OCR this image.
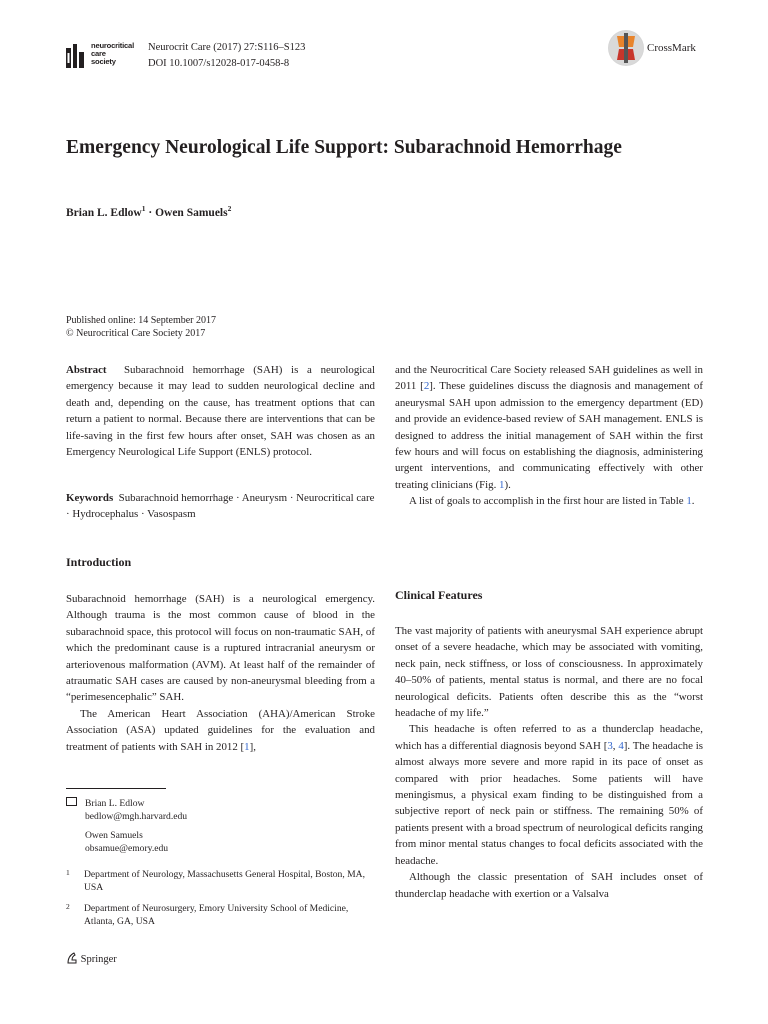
neurocritical
care
society
Neurocrit Care (2017) 27:S116–S123
DOI 10.1007/s12028-017-0458-8
CrossMark
Emergency Neurological Life Support: Subarachnoid Hemorrhage
Brian L. Edlow$^1$ · Owen Samuels$^2$
Published online: 14 September 2017
© Neurocritical Care Society 2017

Abstract Subarachnoid hemorrhage (SAH) is a neurological emergency because it may lead to sudden neurological decline and death and, depending on the cause, has treatment options that can return a patient to normal. Because there are interventions that can be life-saving in the first few hours after onset, SAH was chosen as an Emergency Neurological Life Support (ENLS) protocol.

Keywords Subarachnoid hemorrhage · Aneurysm · Neurocritical care · Hydrocephalus · Vasospasm

Introduction

Subarachnoid hemorrhage (SAH) is a neurological emergency. Although trauma is the most common cause of blood in the subarachnoid space, this protocol will focus on non-traumatic SAH, of which the predominant cause is a ruptured intracranial aneurysm or arteriovenous malformation (AVM). At least half of the remainder of atraumatic SAH cases are caused by non-aneurysmal bleeding from a “perimesencephalic” SAH.

The American Heart Association (AHA)/American Stroke Association (ASA) updated guidelines for the evaluation and treatment of patients with SAH in 2012 [1],

Brian L. Edlow
bedlow@mgh.harvard.edu
Owen Samuels
obsamue@emory.edu
1 Department of Neurology, Massachusetts General Hospital, Boston, MA, USA
2 Department of Neurosurgery, Emory University School of Medicine, Atlanta, GA, USA
Springer

and the Neurocritical Care Society released SAH guidelines as well in 2011 [2]. These guidelines discuss the diagnosis and management of aneurysmal SAH upon admission to the emergency department (ED) and provide an evidence-based review of SAH management. ENLS is designed to address the initial management of SAH within the first few hours and will focus on establishing the diagnosis, administering urgent interventions, and communicating effectively with other treating clinicians (Fig. 1).

A list of goals to accomplish in the first hour are listed in Table 1.

Clinical Features

The vast majority of patients with aneurysmal SAH experience abrupt onset of a severe headache, which may be associated with vomiting, neck pain, neck stiffness, or loss of consciousness. In approximately 40–50% of patients, mental status is normal, and there are no focal neurological deficits. Patients often describe this as the “worst headache of my life.”

This headache is often referred to as a thunderclap headache, which has a differential diagnosis beyond SAH [3, 4]. The headache is almost always more severe and more rapid in its pace of onset as compared with prior headaches. Some patients will have meningismus, a physical exam finding to be distinguished from a subjective report of neck pain or stiffness. The remaining 50% of patients present with a broad spectrum of neurological deficits ranging from minor mental status changes to focal deficits associated with the headache.

Although the classic presentation of SAH includes onset of thunderclap headache with exertion or a Valsalva
